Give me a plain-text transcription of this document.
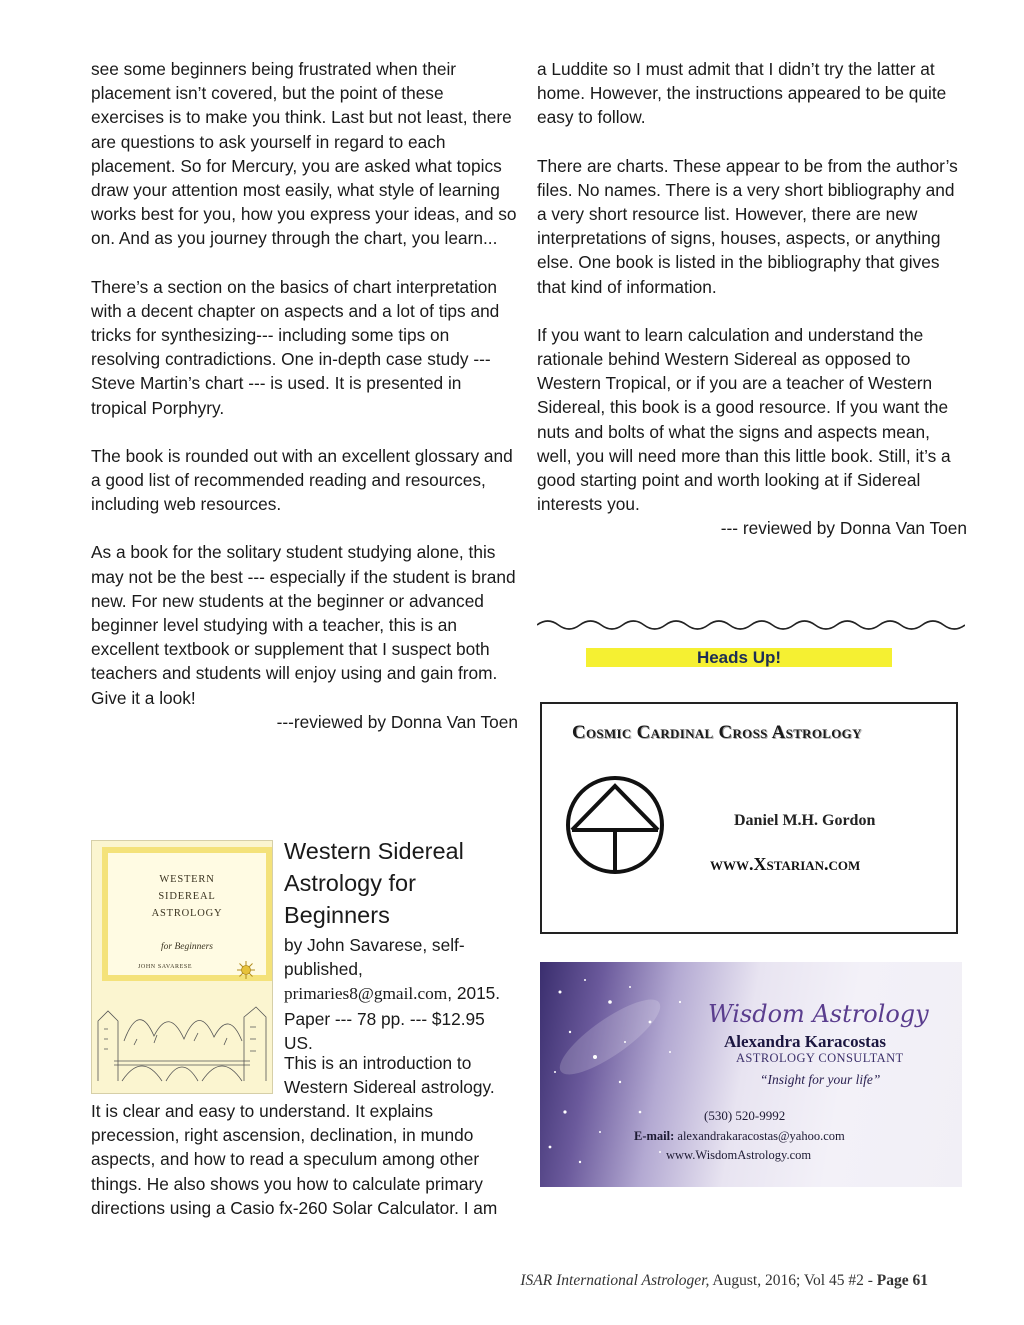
see some beginners being frustrated when their placement isn’t covered, but the point of these exercises is to make you think. Last but not least, there are questions to ask yourself in regard to each placement. So for Mercury, you are asked what topics draw your attention most easily, what style of learning works best for you, how you express your ideas, and so on. And as you journey through the chart, you learn...

There’s a section on the basics of chart interpretation with a decent chapter on aspects and a lot of tips and tricks for synthesizing--- including some tips on resolving contradictions. One in-depth case study --- Steve Martin’s chart --- is used. It is presented in tropical Porphyry.

The book is rounded out with an excellent glossary and a good list of recommended reading and resources, including web resources.

As a book for the solitary student studying alone, this may not be the best --- especially if the student is brand new. For new students at the beginner or advanced beginner level studying with a teacher, this is an excellent textbook or supplement that I suspect both teachers and students will enjoy using and gain from. Give it a look!

---reviewed by Donna Van Toen

a Luddite so I must admit that I didn’t try the latter at home. However, the instructions appeared to be quite easy to follow.

There are charts. These appear to be from the author’s files. No names. There is a very short bibliography and a very short resource list. However, there are new interpretations of signs, houses, aspects, or anything else. One book is listed in the bibliography that gives that kind of information.

If you want to learn calculation and understand the rationale behind Western Sidereal as opposed to Western Tropical, or if you are a teacher of Western Sidereal, this book is a good resource. If you want the nuts and bolts of what the signs and aspects mean, well, you will need more than this little book. Still, it’s a good starting point and worth looking at if Sidereal interests you.

--- reviewed by Donna Van Toen
Heads Up!
Cosmic Cardinal Cross Astrology
Daniel M.H. Gordon
www.Xstarian.com
Wisdom Astrology
Alexandra Karacostas
ASTROLOGY CONSULTANT
“Insight for your life”
(530) 520-9992
E-mail: alexandrakaracostas@yahoo.com
www.WisdomAstrology.com
WESTERN
SIDEREAL
ASTROLOGY
for Beginners
JOHN SAVARESE
Western Sidereal Astrology for Beginners
by John Savarese, self-published, primaries8@gmail.com, 2015. Paper --- 78 pp. --- $12.95 US.
This is an introduction to Western Sidereal astrology.
It is clear and easy to understand. It explains precession, right ascension, declination, in mundo aspects, and how to read a speculum among other things. He also shows you how to calculate primary directions using a Casio fx-260 Solar Calculator. I am
ISAR International Astrologer, August, 2016; Vol 45 #2 - Page 61
